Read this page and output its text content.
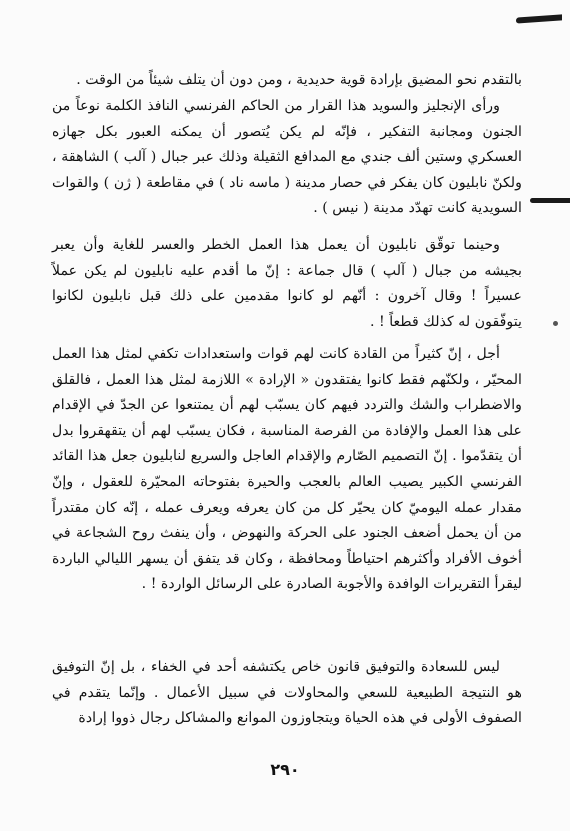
بالتقدم نحو المضيق بإرادة قوية حديدية ، ومن دون أن يتلف شيئاً من الوقت .

ورأى الإنجليز والسويد هذا القرار من الحاكم الفرنسي النافذ الكلمة نوعاً من الجنون ومجانبة التفكير ، فإنّه لم يكن يُتصور أن يمكنه العبور بكل جهازه العسكري وستين ألف جندي مع المدافع الثقيلة وذلك عبر جبال ( آلب ) الشاهقة ، ولكنّ نابليون كان يفكر في حصار مدينة ( ماسه ناد ) في مقاطعة ( ژن ) والقوات السويدية كانت تهدّد مدينة ( نيس ) .

وحينما توقّق نابليون أن يعمل هذا العمل الخطر والعسر للغاية وأن يعبر بجيشه من جبال ( آلپ ) قال جماعة : إنّ ما أقدم عليه نابليون لم يكن عملاً عسيراً ! وقال آخرون : أنّهم لو كانوا مقدمين على ذلك قبل نابليون لكانوا يتوفّقون له كذلك قطعاً ! .

أجل ، إنّ كثيراً من القادة كانت لهم قوات واستعدادات تكفي لمثل هذا العمل المحيّر ، ولكنّهم فقط كانوا يفتقدون « الإرادة » اللازمة لمثل هذا العمل ، فالقلق والاضطراب والشك والتردد فيهم كان يسبّب لهم أن يمتنعوا عن الجدّ في الإقدام على هذا العمل والإفادة من الفرصة المناسبة ، فكان يسبّب لهم أن يتقهقروا بدل أن يتقدّموا . إنّ التصميم الصّارم والإقدام العاجل والسريع لنابليون جعل هذا القائد الفرنسي الكبير يصيب العالم بالعجب والحيرة بفتوحاته المحيّرة للعقول ، وإنّ مقدار عمله اليوميّ كان يحيّر كل من كان يعرفه ويعرف عمله ، إنّه كان مقتدراً من أن يحمل أضعف الجنود على الحركة والنهوض ، وأن ينفث روح الشجاعة في أخوف الأفراد وأكثرهم احتياطاً ومحافظة ، وكان قد يتفق أن يسهر الليالي الباردة ليقرأ التقريرات الوافدة والأجوبة الصادرة على الرسائل الواردة ! .

ليس للسعادة والتوفيق قانون خاص يكتشفه أحد في الخفاء ، بل إنّ التوفيق هو النتيجة الطبيعية للسعي والمحاولات في سبيل الأعمال . وإنّما يتقدم في الصفوف الأولى في هذه الحياة ويتجاوزون الموانع والمشاكل رجال ذووا إرادة

٢٩٠
